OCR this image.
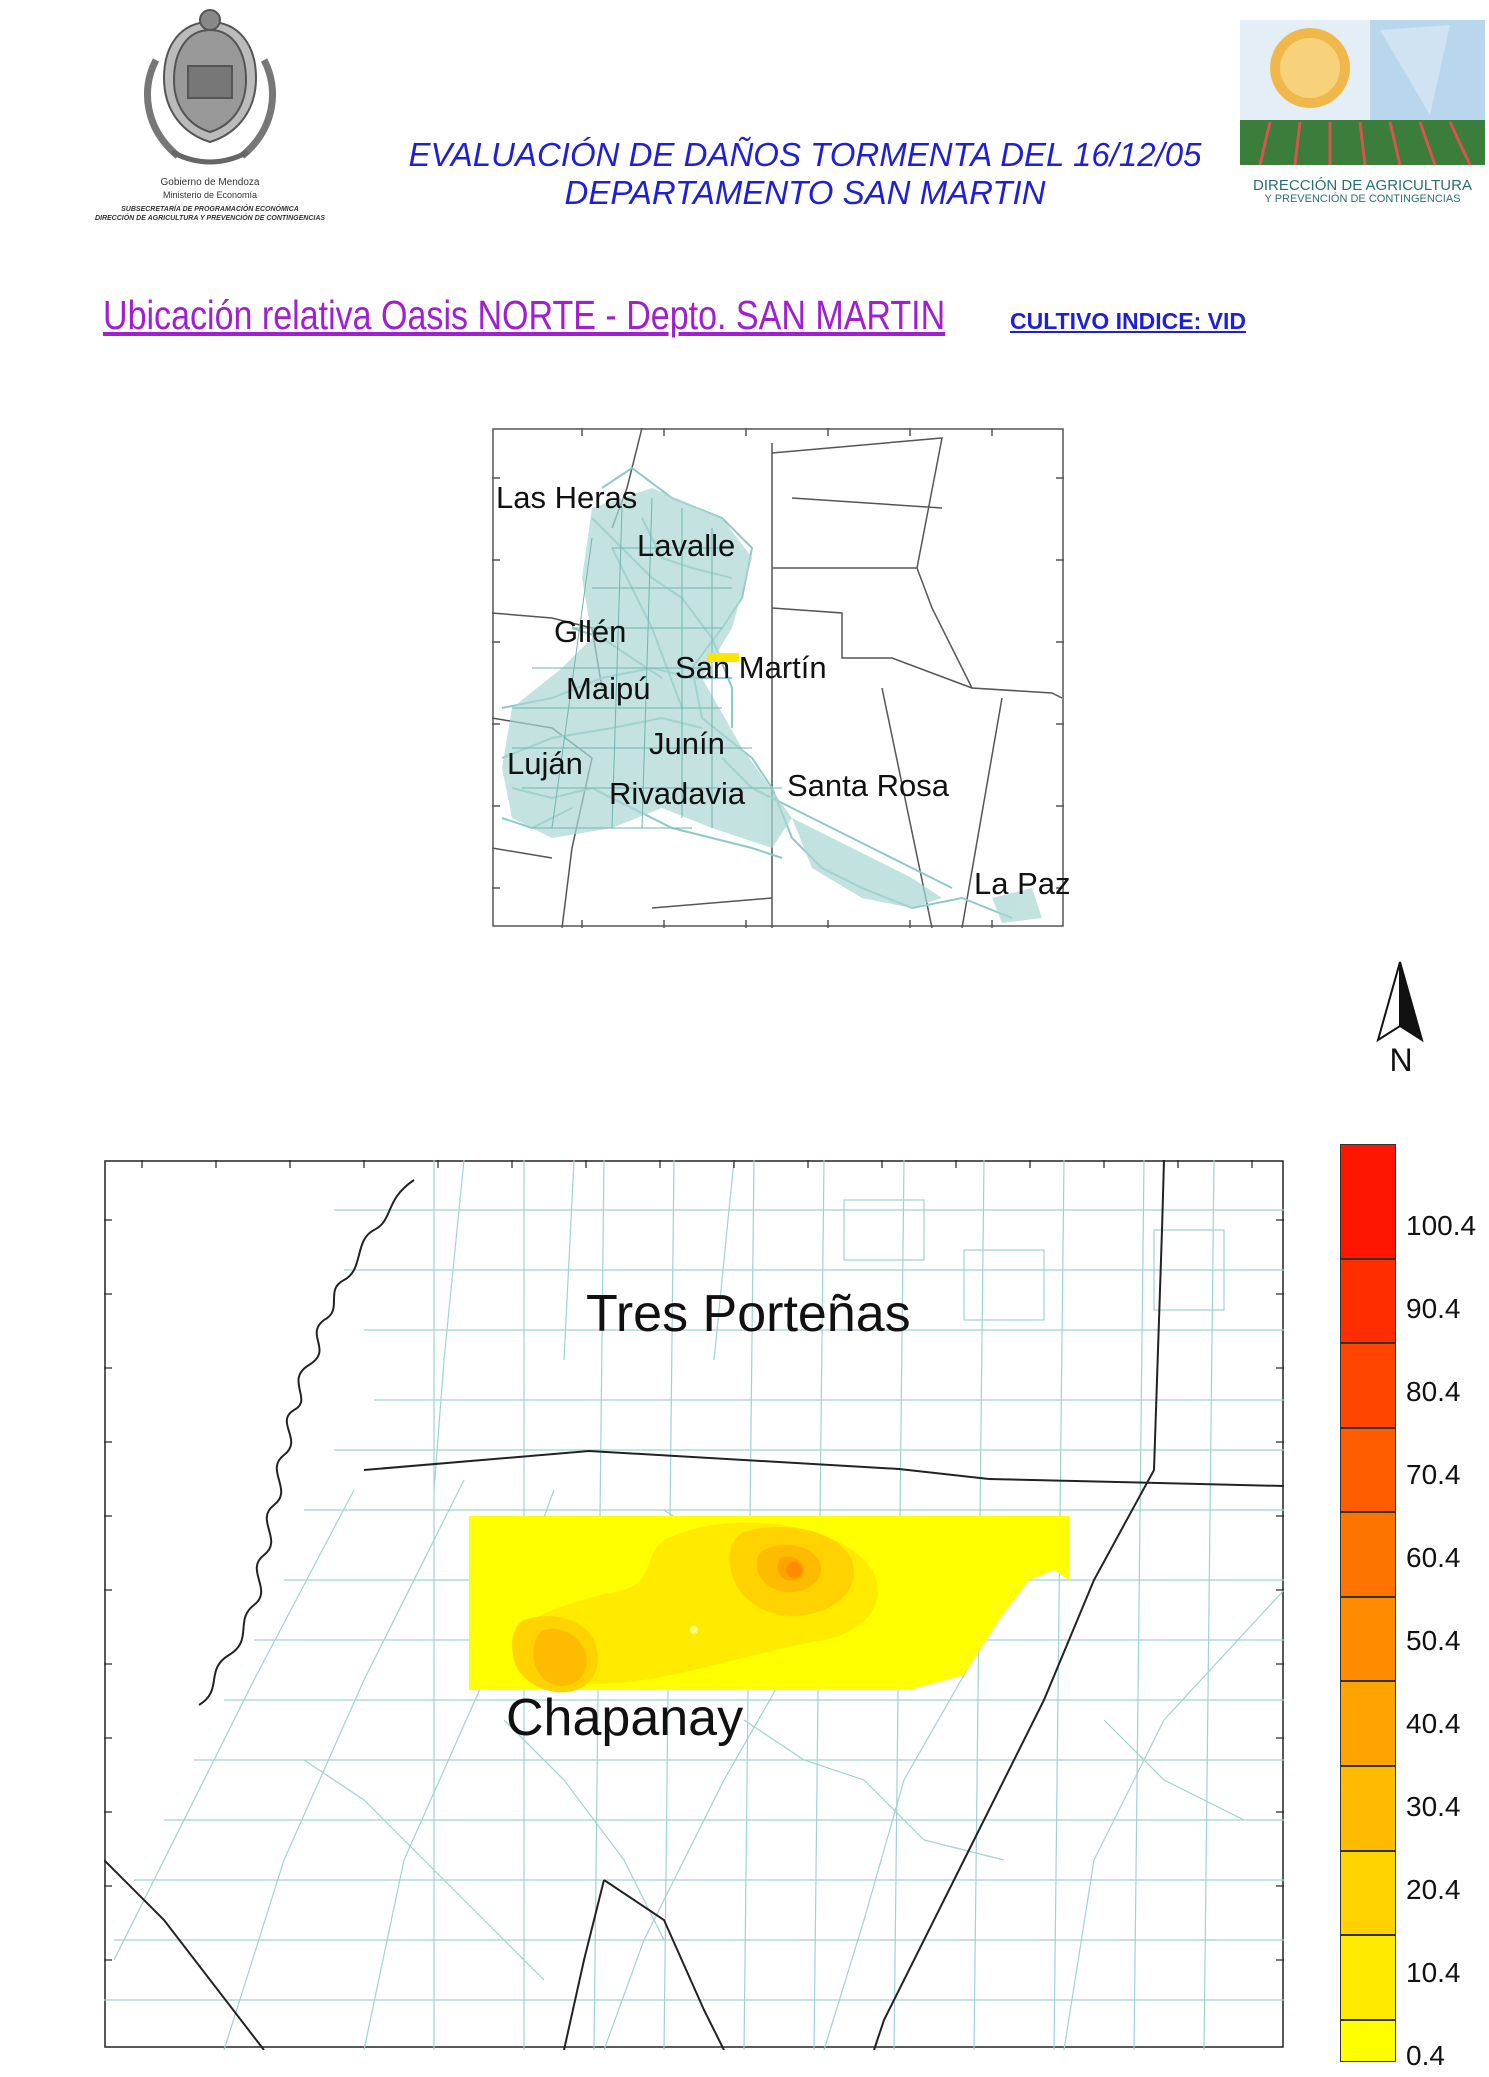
Gobierno de Mendoza
Ministerio de Economía
SUBSECRETARÍA DE PROGRAMACIÓN ECONÓMICA
DIRECCIÓN DE AGRICULTURA Y PREVENCIÓN DE CONTINGENCIAS
EVALUACIÓN DE DAÑOS TORMENTA DEL 16/12/05
DEPARTAMENTO SAN MARTIN	DIRECCIÓN DE AGRICULTURA
Y PREVENCIÓN DE CONTINGENCIAS
Ubicación relativa Oasis NORTE - Depto. SAN MARTIN	CULTIVO INDICE: VID
Las Heras
Lavalle
Gllén
San Martín
Maipú
Junín
Luján
Rivadavia Santa Rosa
La Paz
N
Tres Porteñas
Chapanay
100.4
90.4
80.4
70.4
60.4
50.4
40.4
30.4
20.4
10.4
0.4
